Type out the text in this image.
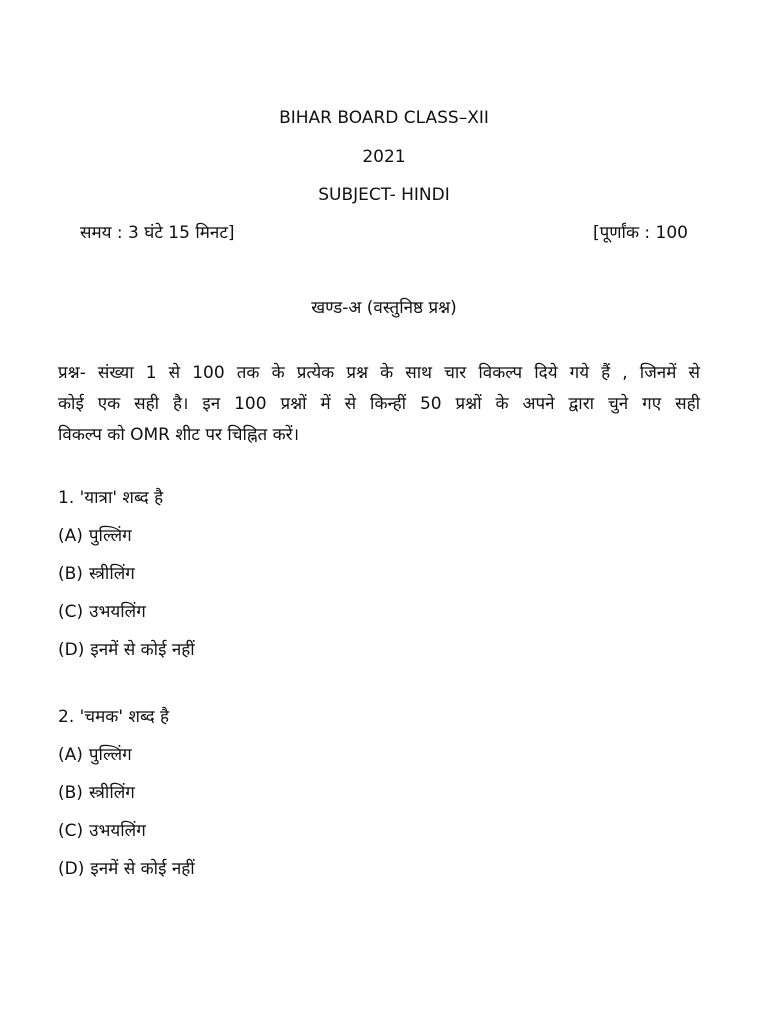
BIHAR BOARD CLASS–XII
2021
SUBJECT- HINDI
समय : 3 घंटे 15 मिनट]	[पूर्णांक : 100
खण्ड-अ (वस्तुनिष्ठ प्रश्न)
प्रश्न- संख्या 1 से 100 तक के प्रत्येक प्रश्न के साथ चार विकल्प दिये गये हैं , जिनमें से
कोई एक सही है। इन 100 प्रश्नों में से किन्हीं 50 प्रश्नों के अपने द्वारा चुने गए सही
विकल्प को OMR शीट पर चिह्नित करें।
1. 'यात्रा' शब्द है
(A) पुल्लिंग
(B) स्त्रीलिंग
(C) उभयलिंग
(D) इनमें से कोई नहीं
2. 'चमक' शब्द है
(A) पुल्लिंग
(B) स्त्रीलिंग
(C) उभयलिंग
(D) इनमें से कोई नहीं
